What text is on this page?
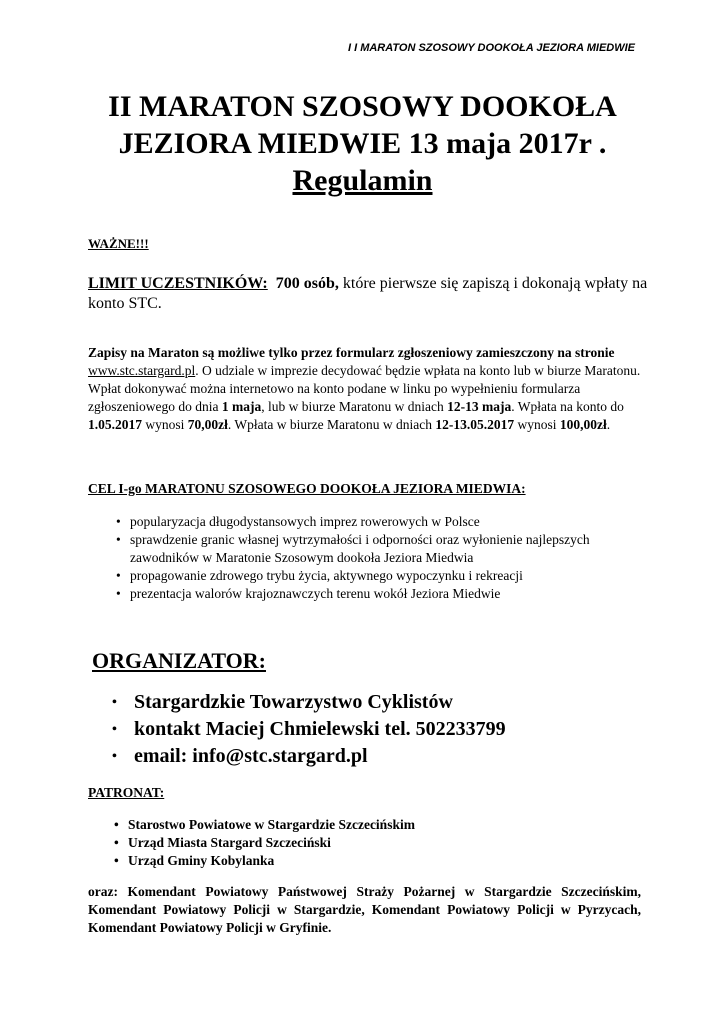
I I MARATON SZOSOWY DOOKOŁA JEZIORA MIEDWIE
II MARATON SZOSOWY DOOKOŁA
JEZIORA MIEDWIE 13 maja 2017r .
Regulamin
WAŻNE!!!
LIMIT UCZESTNIKÓW: 700 osób, które pierwsze się zapiszą i dokonają wpłaty na konto STC.
Zapisy na Maraton są możliwe tylko przez formularz zgłoszeniowy zamieszczony na stronie www.stc.stargard.pl. O udziale w imprezie decydować będzie wpłata na konto lub w biurze Maratonu. Wpłat dokonywać można internetowo na konto podane w linku po wypełnieniu formularza zgłoszeniowego do dnia 1 maja, lub w biurze Maratonu w dniach 12-13 maja. Wpłata na konto do 1.05.2017 wynosi 70,00zł. Wpłata w biurze Maratonu w dniach 12-13.05.2017 wynosi 100,00zł.
CEL I-go MARATONU SZOSOWEGO DOOKOŁA JEZIORA MIEDWIA:
• popularyzacja długodystansowych imprez rowerowych w Polsce
• sprawdzenie granic własnej wytrzymałości i odporności oraz wyłonienie najlepszych zawodników w Maratonie Szosowym dookoła Jeziora Miedwia
• propagowanie zdrowego trybu życia, aktywnego wypoczynku i rekreacji
• prezentacja walorów krajoznawczych terenu wokół Jeziora Miedwie
ORGANIZATOR:
• Stargardzkie Towarzystwo Cyklistów
• kontakt Maciej Chmielewski tel. 502233799
• email: info@stc.stargard.pl
PATRONAT:
• Starostwo Powiatowe w Stargardzie Szczecińskim
• Urząd Miasta Stargard Szczeciński
• Urząd Gminy Kobylanka
oraz: Komendant Powiatowy Państwowej Straży Pożarnej w Stargardzie Szczecińskim, Komendant Powiatowy Policji w Stargardzie, Komendant Powiatowy Policji w Pyrzycach, Komendant Powiatowy Policji w Gryfinie.
